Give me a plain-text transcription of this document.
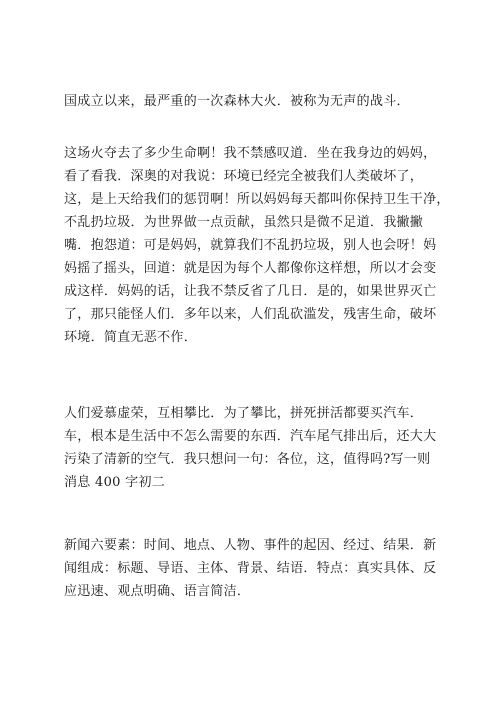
国成立以来，最严重的一次森林大火．被称为无声的战斗．
这场火夺去了多少生命啊！我不禁感叹道．坐在我身边的妈妈，
看了看我．深奥的对我说：环境已经完全被我们人类破坏了，
这，是上天给我们的惩罚啊！所以妈妈每天都叫你保持卫生干净，
不乱扔垃圾．为世界做一点贡献，虽然只是微不足道．我撇撇
嘴．抱怨道：可是妈妈，就算我们不乱扔垃圾，别人也会呀！妈
妈摇了摇头，回道：就是因为每个人都像你这样想，所以才会变
成这样．妈妈的话，让我不禁反省了几日．是的，如果世界灭亡
了，那只能怪人们．多年以来，人们乱砍滥发，残害生命，破坏
环境．简直无恶不作．
人们爱慕虚荣，互相攀比．为了攀比，拼死拼活都要买汽车．
车，根本是生活中不怎么需要的东西．汽车尾气排出后，还大大
污染了清新的空气．我只想问一句：各位，这，值得吗?写一则
消息 400 字初二
新闻六要素：时间、地点、人物、事件的起因、经过、结果．新
闻组成：标题、导语、主体、背景、结语．特点：真实具体、反
应迅速、观点明确、语言简洁．
